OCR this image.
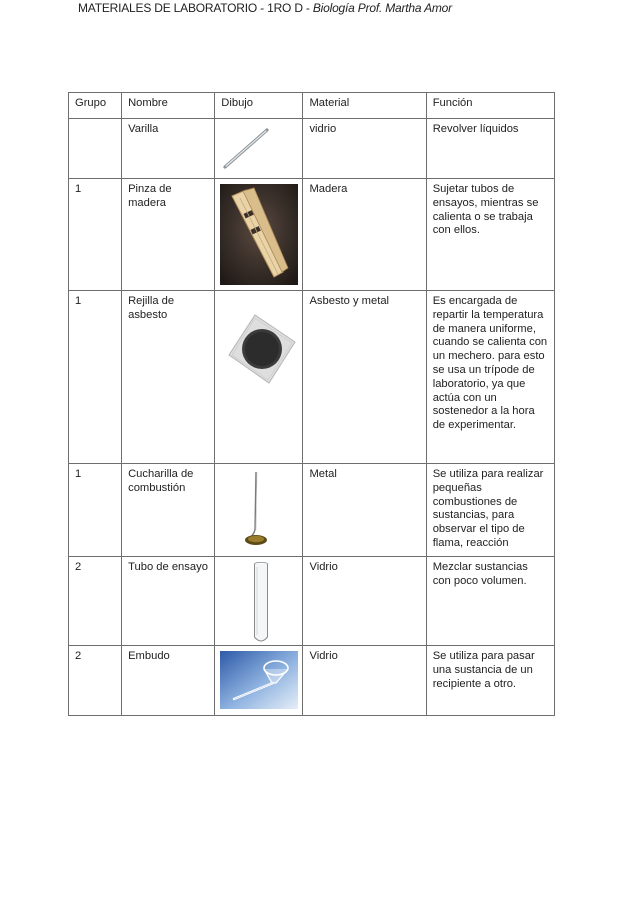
MATERIALES DE LABORATORIO - 1RO D - Biología Prof. Martha Amor
Grupo	Nombre	Dibujo	Material	Función
	Varilla		vidrio	Revolver líquidos
1	Pinza de madera		Madera	Sujetar tubos de ensayos, mientras se calienta o se trabaja con ellos.
1	Rejilla de asbesto		Asbesto y metal	Es encargada de repartir la temperatura de manera uniforme, cuando se calienta con un mechero. para esto se usa un trípode de laboratorio, ya que actúa con un sostenedor a la hora de experimentar.
1	Cucharilla de combustión		Metal	Se utiliza para realizar pequeñas combustiones de sustancias, para observar el tipo de flama, reacción
2	Tubo de ensayo		Vidrio	Mezclar sustancias con poco volumen.
2	Embudo		Vidrio	Se utiliza para pasar una sustancia de un recipiente a otro.
